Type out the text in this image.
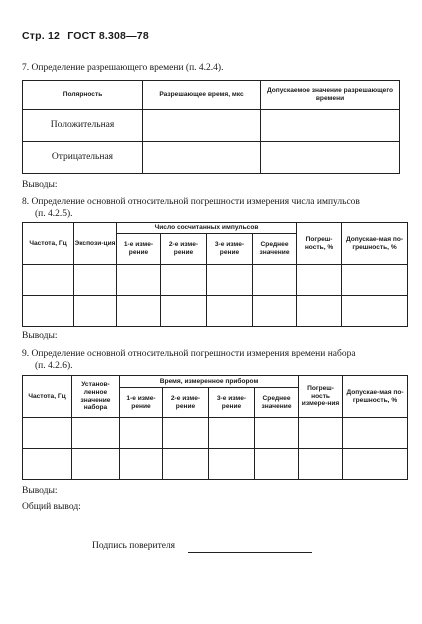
Стр. 12 ГОСТ 8.308—78
7. Определение разрешающего времени (п. 4.2.4).
Полярность	Разрешающее время, мкс	Допускаемое значение разрешающего времени
Положительная		
Отрицательная		
Выводы:
8. Определение основной относительной погрешности измерения числа импульсов
(п. 4.2.5).
Частота, Гц	Экспози-ция	Число сосчитанных импульсов				Погреш-ность, %	Допускае-мая по-грешность, %
		1-е изме-рение	2-е изме-рение	3-е изме-рение	Среднее значение		

Выводы:
9. Определение основной относительной погрешности измерения времени набора
(п. 4.2.6).
Частота, Гц	Установ-ленное значение набора	Время, измеренное прибором				Погреш-ность измере-ния	Допускае-мая по-грешность, %
		1-е изме-рение	2-е изме-рение	3-е изме-рение	Среднее значение		

Выводы:
Общий вывод:
Подпись поверителя
